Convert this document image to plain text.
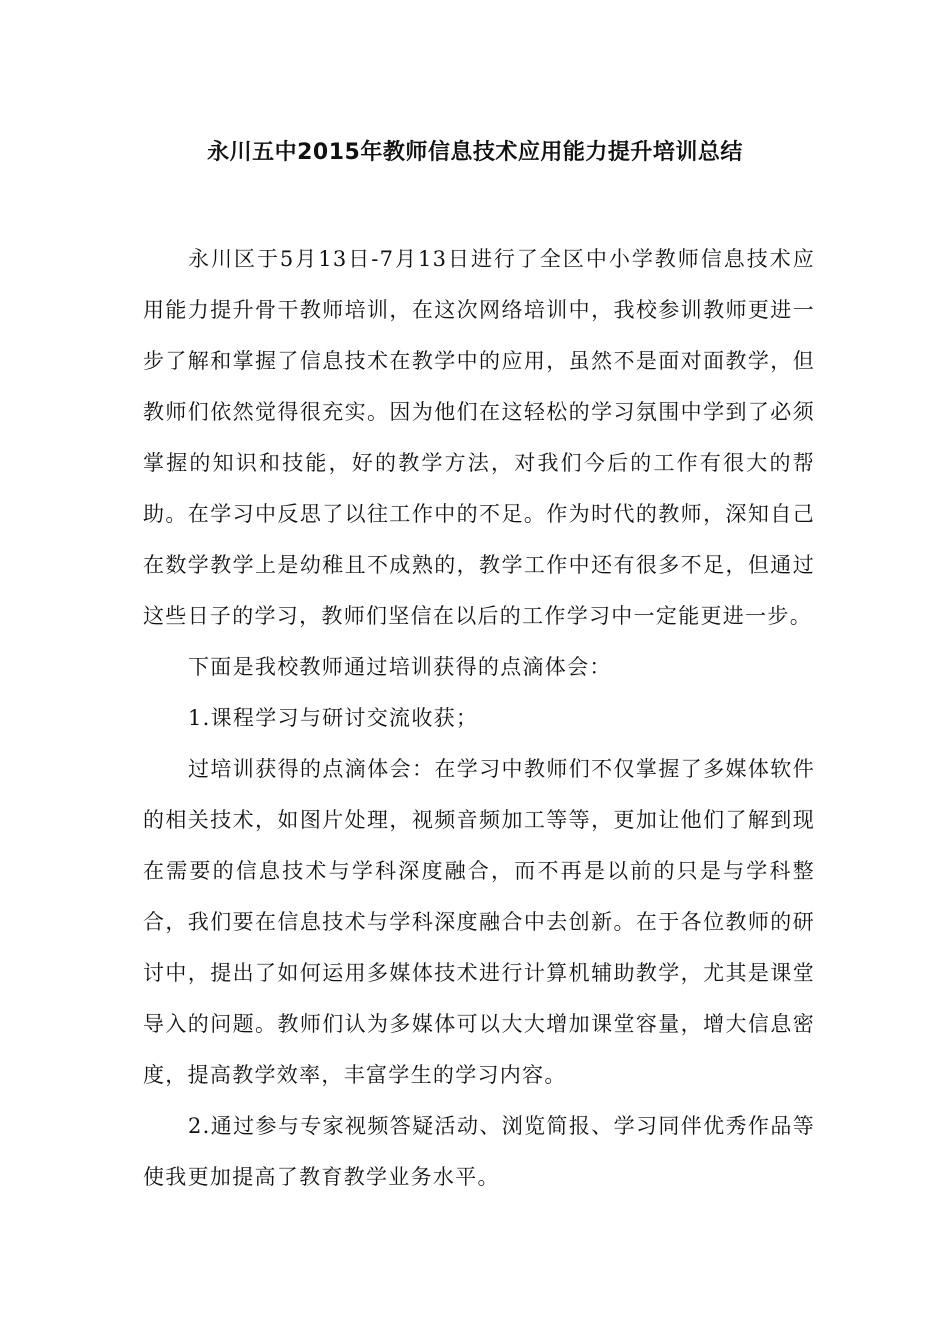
永川五中2015年教师信息技术应用能力提升培训总结

永川区于5月13日-7月13日进行了全区中小学教师信息技术应用能力提升骨干教师培训，在这次网络培训中，我校参训教师更进一步了解和掌握了信息技术在教学中的应用，虽然不是面对面教学，但教师们依然觉得很充实。因为他们在这轻松的学习氛围中学到了必须掌握的知识和技能，好的教学方法，对我们今后的工作有很大的帮助。在学习中反思了以往工作中的不足。作为时代的教师，深知自己在数学教学上是幼稚且不成熟的，教学工作中还有很多不足，但通过这些日子的学习，教师们坚信在以后的工作学习中一定能更进一步。

下面是我校教师通过培训获得的点滴体会：

1.课程学习与研讨交流收获；

过培训获得的点滴体会：在学习中教师们不仅掌握了多媒体软件的相关技术，如图片处理，视频音频加工等等，更加让他们了解到现在需要的信息技术与学科深度融合，而不再是以前的只是与学科整合，我们要在信息技术与学科深度融合中去创新。在于各位教师的研讨中，提出了如何运用多媒体技术进行计算机辅助教学，尤其是课堂导入的问题。教师们认为多媒体可以大大增加课堂容量，增大信息密度，提高教学效率，丰富学生的学习内容。

2.通过参与专家视频答疑活动、浏览简报、学习同伴优秀作品等使我更加提高了教育教学业务水平。
